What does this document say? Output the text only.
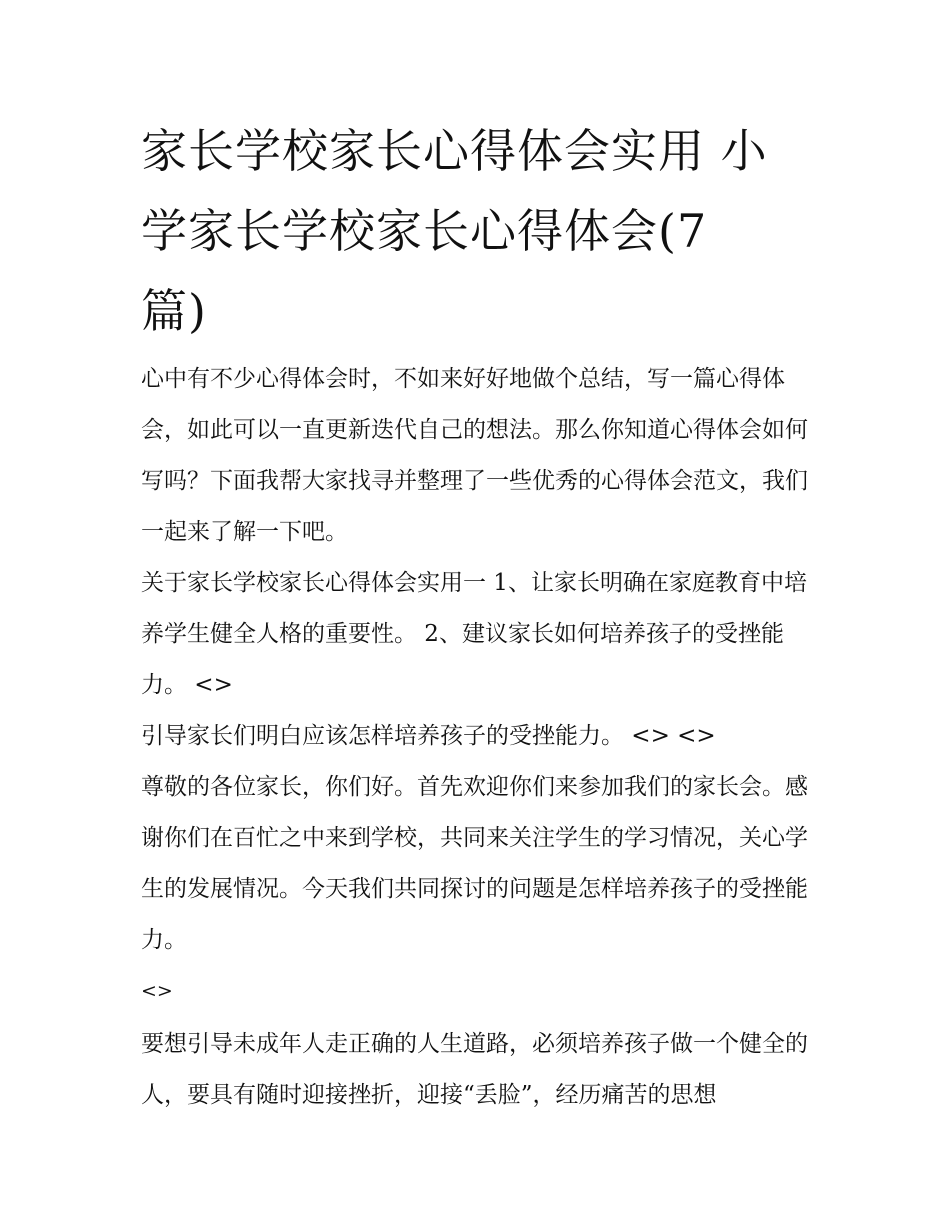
家长学校家长心得体会实用 小
学家长学校家长心得体会(7
篇)

心中有不少心得体会时，不如来好好地做个总结，写一篇心得体会，如此可以一直更新迭代自己的想法。那么你知道心得体会如何写吗？下面我帮大家找寻并整理了一些优秀的心得体会范文，我们一起来了解一下吧。

关于家长学校家长心得体会实用一 1、让家长明确在家庭教育中培养学生健全人格的重要性。 2、建议家长如何培养孩子的受挫能力。 <>

引导家长们明白应该怎样培养孩子的受挫能力。 <> <>

尊敬的各位家长，你们好。首先欢迎你们来参加我们的家长会。感谢你们在百忙之中来到学校，共同来关注学生的学习情况，关心学生的发展情况。今天我们共同探讨的问题是怎样培养孩子的受挫能力。

<>

要想引导未成年人走正确的人生道路，必须培养孩子做一个健全的人，要具有随时迎接挫折，迎接“丢脸”，经历痛苦的思想
